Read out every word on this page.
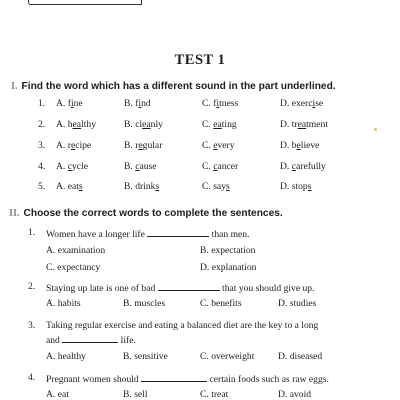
TEST 1
I. Find the word which has a different sound in the part underlined.
1. A. fine	B. find	C. fitness	D. exercise
2. A. healthy	B. cleanly	C. eating	D. treatment
3. A. recipe	B. regular	C. every	D. believe
4. A. cycle	B. cause	C. cancer	D. carefully
5. A. eats	B. drinks	C. says	D. stops
II. Choose the correct words to complete the sentences.
1. Women have a longer life	than men.
A. examination	B. expectation
C. expectancy	D. explanation
2. Staying up late is one of bad	that you should give up.
A. habits	B. muscles	C. benefits	D. studies
3. Taking regular exercise and eating a balanced diet are the key to a long
and	life.
A. healthy	B. sensitive	C. overweight D. diseased
4. Pregnant women should	certain foods such as raw eggs.
A. eat	B. sell	C. treat	D. avoid
